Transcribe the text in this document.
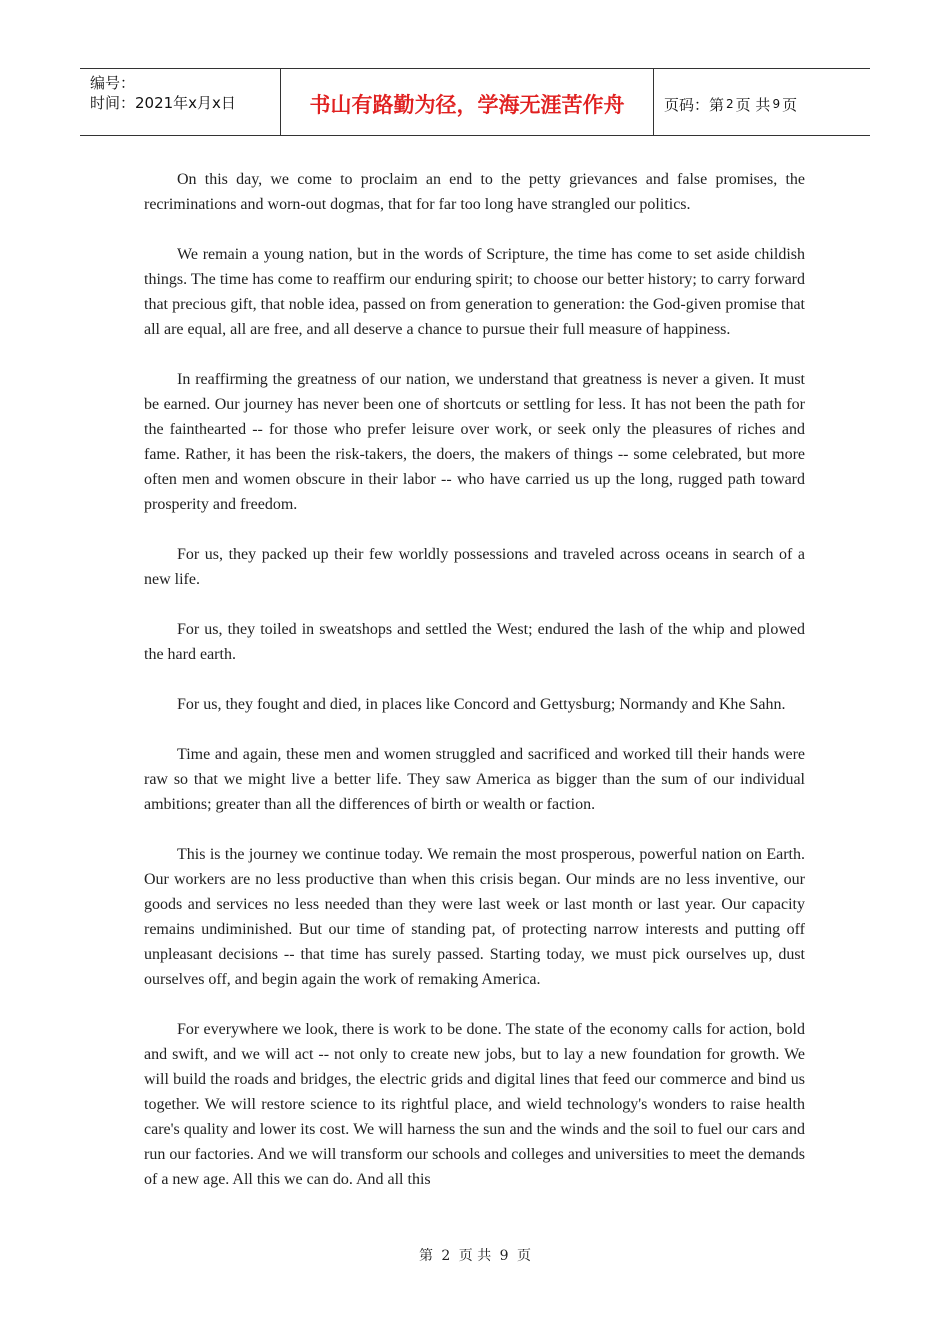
编号：
时间：2021年x月x日	书山有路勤为径，学海无涯苦作舟	页码：第 2 页 共 9 页

On this day, we come to proclaim an end to the petty grievances and false promises, the recriminations and worn-out dogmas, that for far too long have strangled our politics.

We remain a young nation, but in the words of Scripture, the time has come to set aside childish things. The time has come to reaffirm our enduring spirit; to choose our better history; to carry forward that precious gift, that noble idea, passed on from generation to generation: the God-given promise that all are equal, all are free, and all deserve a chance to pursue their full measure of happiness.

In reaffirming the greatness of our nation, we understand that greatness is never a given. It must be earned. Our journey has never been one of shortcuts or settling for less. It has not been the path for the fainthearted -- for those who prefer leisure over work, or seek only the pleasures of riches and fame. Rather, it has been the risk-takers, the doers, the makers of things -- some celebrated, but more often men and women obscure in their labor -- who have carried us up the long, rugged path toward prosperity and freedom.

For us, they packed up their few worldly possessions and traveled across oceans in search of a new life.

For us, they toiled in sweatshops and settled the West; endured the lash of the whip and plowed the hard earth.

For us, they fought and died, in places like Concord and Gettysburg; Normandy and Khe Sahn.

Time and again, these men and women struggled and sacrificed and worked till their hands were raw so that we might live a better life. They saw America as bigger than the sum of our individual ambitions; greater than all the differences of birth or wealth or faction.

This is the journey we continue today. We remain the most prosperous, powerful nation on Earth. Our workers are no less productive than when this crisis began. Our minds are no less inventive, our goods and services no less needed than they were last week or last month or last year. Our capacity remains undiminished. But our time of standing pat, of protecting narrow interests and putting off unpleasant decisions -- that time has surely passed. Starting today, we must pick ourselves up, dust ourselves off, and begin again the work of remaking America.

For everywhere we look, there is work to be done. The state of the economy calls for action, bold and swift, and we will act -- not only to create new jobs, but to lay a new foundation for growth. We will build the roads and bridges, the electric grids and digital lines that feed our commerce and bind us together. We will restore science to its rightful place, and wield technology's wonders to raise health care's quality and lower its cost. We will harness the sun and the winds and the soil to fuel our cars and run our factories. And we will transform our schools and colleges and universities to meet the demands of a new age. All this we can do. And all this

第 2 页 共 9 页
